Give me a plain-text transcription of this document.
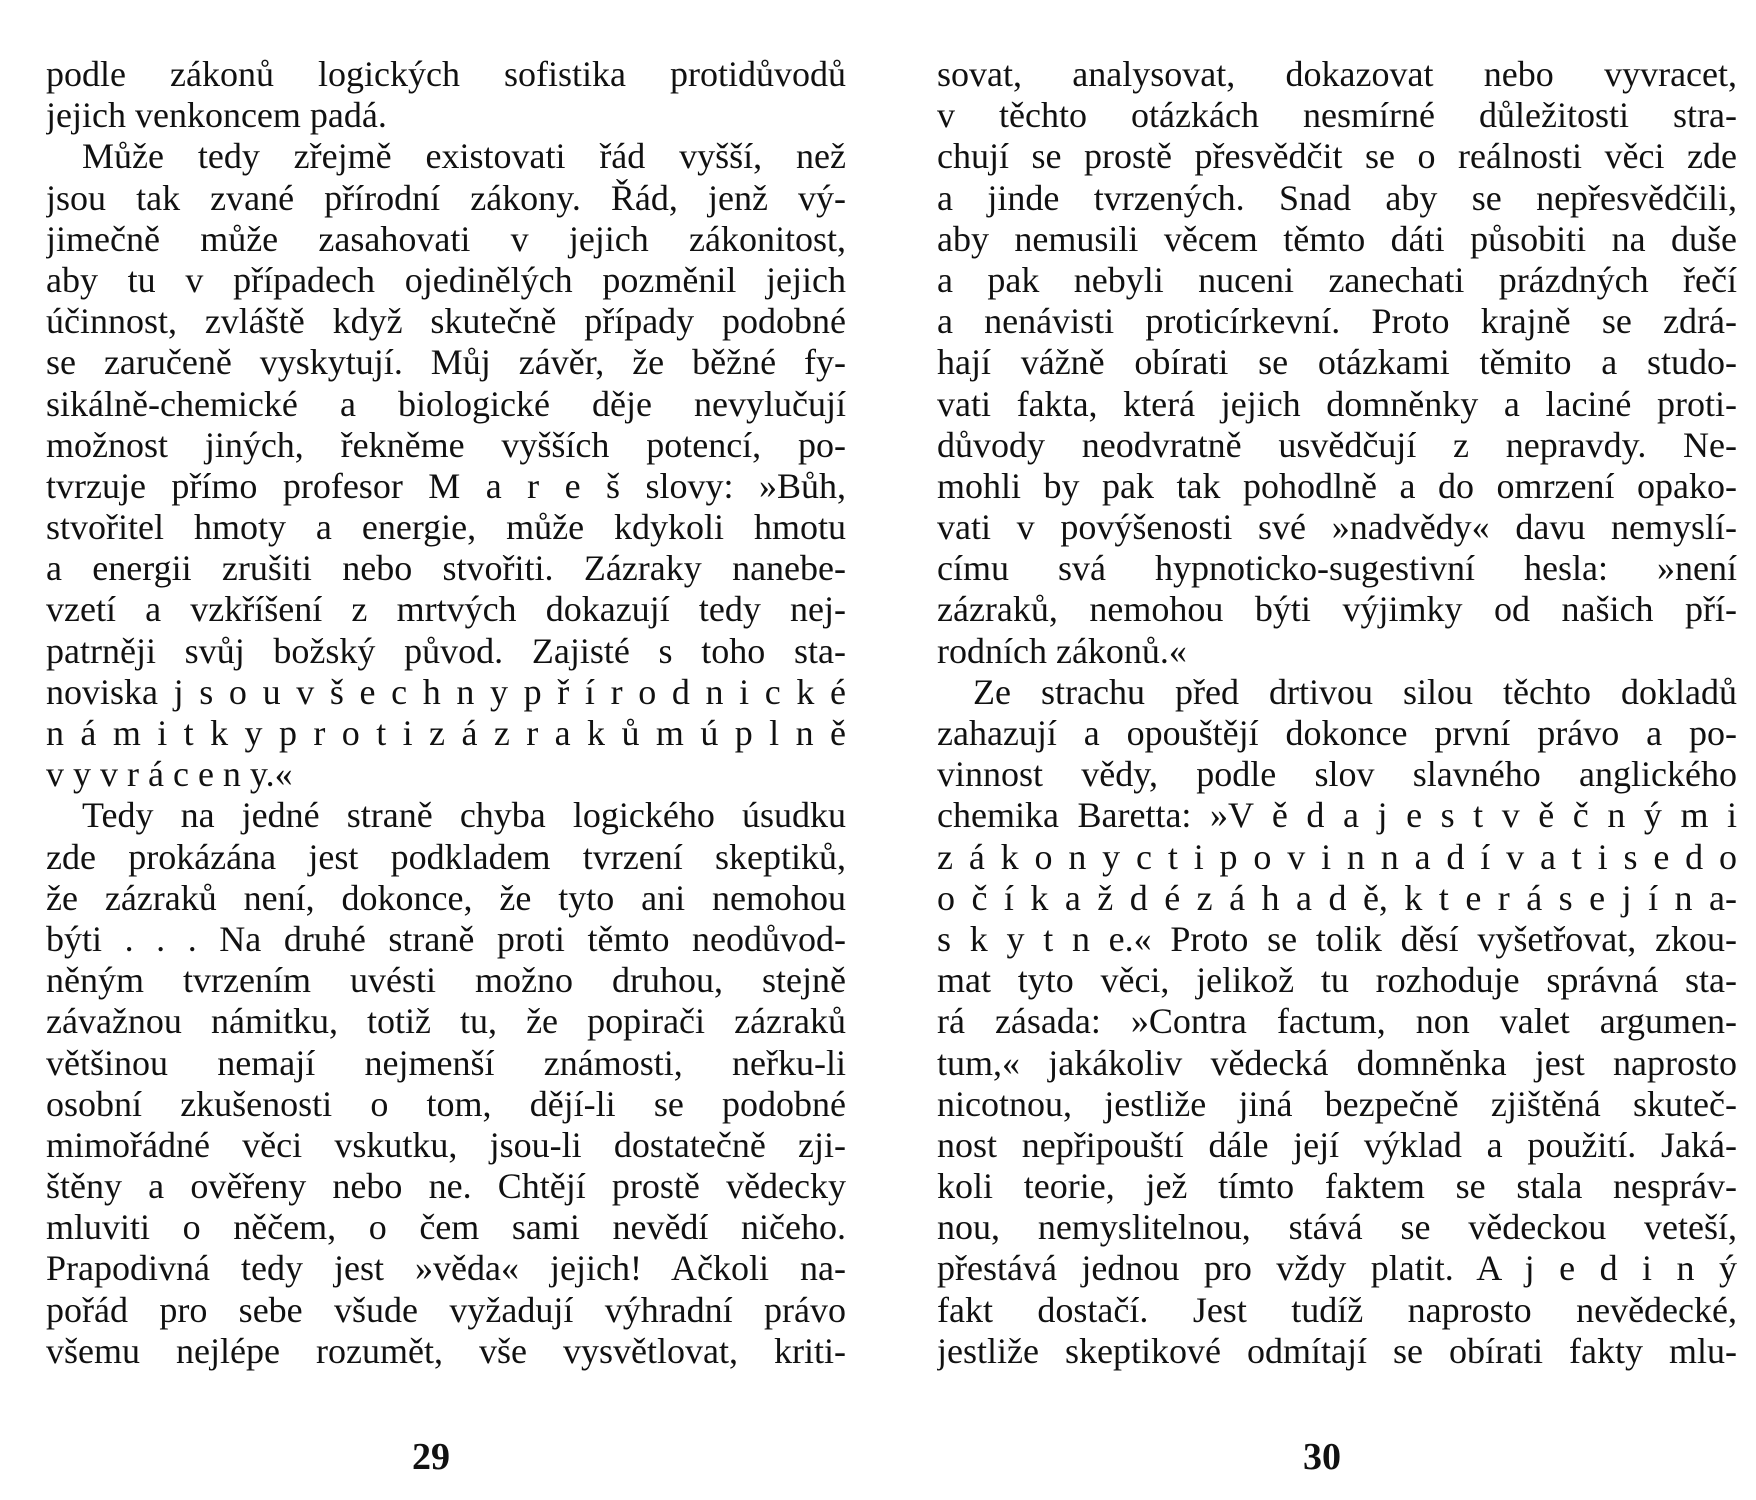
podle zákonů logických sofistika protidůvodů
jejich venkoncem padá.
Může tedy zřejmě existovati řád vyšší, než
jsou tak zvané přírodní zákony. Řád, jenž vý-
jimečně může zasahovati v jejich zákonitost,
aby tu v případech ojedinělých pozměnil jejich
účinnost, zvláště když skutečně případy podobné
se zaručeně vyskytují. Můj závěr, že běžné fy-
sikálně-chemické a biologické děje nevylučují
možnost jiných, řekněme vyšších potencí, po-
tvrzuje přímo profesor M a r e š slovy: »Bůh,
stvořitel hmoty a energie, může kdykoli hmotu
a energii zrušiti nebo stvořiti. Zázraky nanebe-
vzetí a vzkříšení z mrtvých dokazují tedy nej-
patrněji svůj božský původ. Zajisté s toho sta-
noviska j s o u v š e c h n y p ř í r o d n i c k é
n á m i t k y p r o t i z á z r a k ů m ú p l n ě
v y v r á c e n y.«
Tedy na jedné straně chyba logického úsudku
zde prokázána jest podkladem tvrzení skeptiků,
že zázraků není, dokonce, že tyto ani nemohou
býti . . . Na druhé straně proti těmto neodůvod-
něným tvrzením uvésti možno druhou, stejně
závažnou námitku, totiž tu, že popirači zázraků
většinou nemají nejmenší známosti, neřku-li
osobní zkušenosti o tom, dějí-li se podobné
mimořádné věci vskutku, jsou-li dostatečně zji-
štěny a ověřeny nebo ne. Chtějí prostě vědecky
mluviti o něčem, o čem sami nevědí ničeho.
Prapodivná tedy jest »věda« jejich! Ačkoli na-
pořád pro sebe všude vyžadují výhradní právo
všemu nejlépe rozumět, vše vysvětlovat, kriti-
sovat, analysovat, dokazovat nebo vyvracet,
v těchto otázkách nesmírné důležitosti stra-
chují se prostě přesvědčit se o reálnosti věci zde
a jinde tvrzených. Snad aby se nepřesvědčili,
aby nemusili věcem těmto dáti působiti na duše
a pak nebyli nuceni zanechati prázdných řečí
a nenávisti proticírkevní. Proto krajně se zdrá-
hají vážně obírati se otázkami těmito a studo-
vati fakta, která jejich domněnky a laciné proti-
důvody neodvratně usvědčují z nepravdy. Ne-
mohli by pak tak pohodlně a do omrzení opako-
vati v povýšenosti své »nadvědy« davu nemyslí-
címu svá hypnoticko-sugestivní hesla: »není
zázraků, nemohou býti výjimky od našich pří-
rodních zákonů.«
Ze strachu před drtivou silou těchto dokladů
zahazují a opouštějí dokonce první právo a po-
vinnost vědy, podle slov slavného anglického
chemika Baretta: »V ě d a j e s t v ě č n ý m i
z á k o n y c t i p o v i n n a d í v a t i s e d o
o č í k a ž d é z á h a d ě, k t e r á s e j í n a-
s k y t n e.« Proto se tolik děsí vyšetřovat, zkou-
mat tyto věci, jelikož tu rozhoduje správná sta-
rá zásada: »Contra factum, non valet argumen-
tum,« jakákoliv vědecká domněnka jest naprosto
nicotnou, jestliže jiná bezpečně zjištěná skuteč-
nost nepřipouští dále její výklad a použití. Jaká-
koli teorie, jež tímto faktem se stala nespráv-
nou, nemyslitelnou, stává se vědeckou veteší,
přestává jednou pro vždy platit. A j e d i n ý
fakt dostačí. Jest tudíž naprosto nevědecké,
jestliže skeptikové odmítají se obírati fakty mlu-
29	30
